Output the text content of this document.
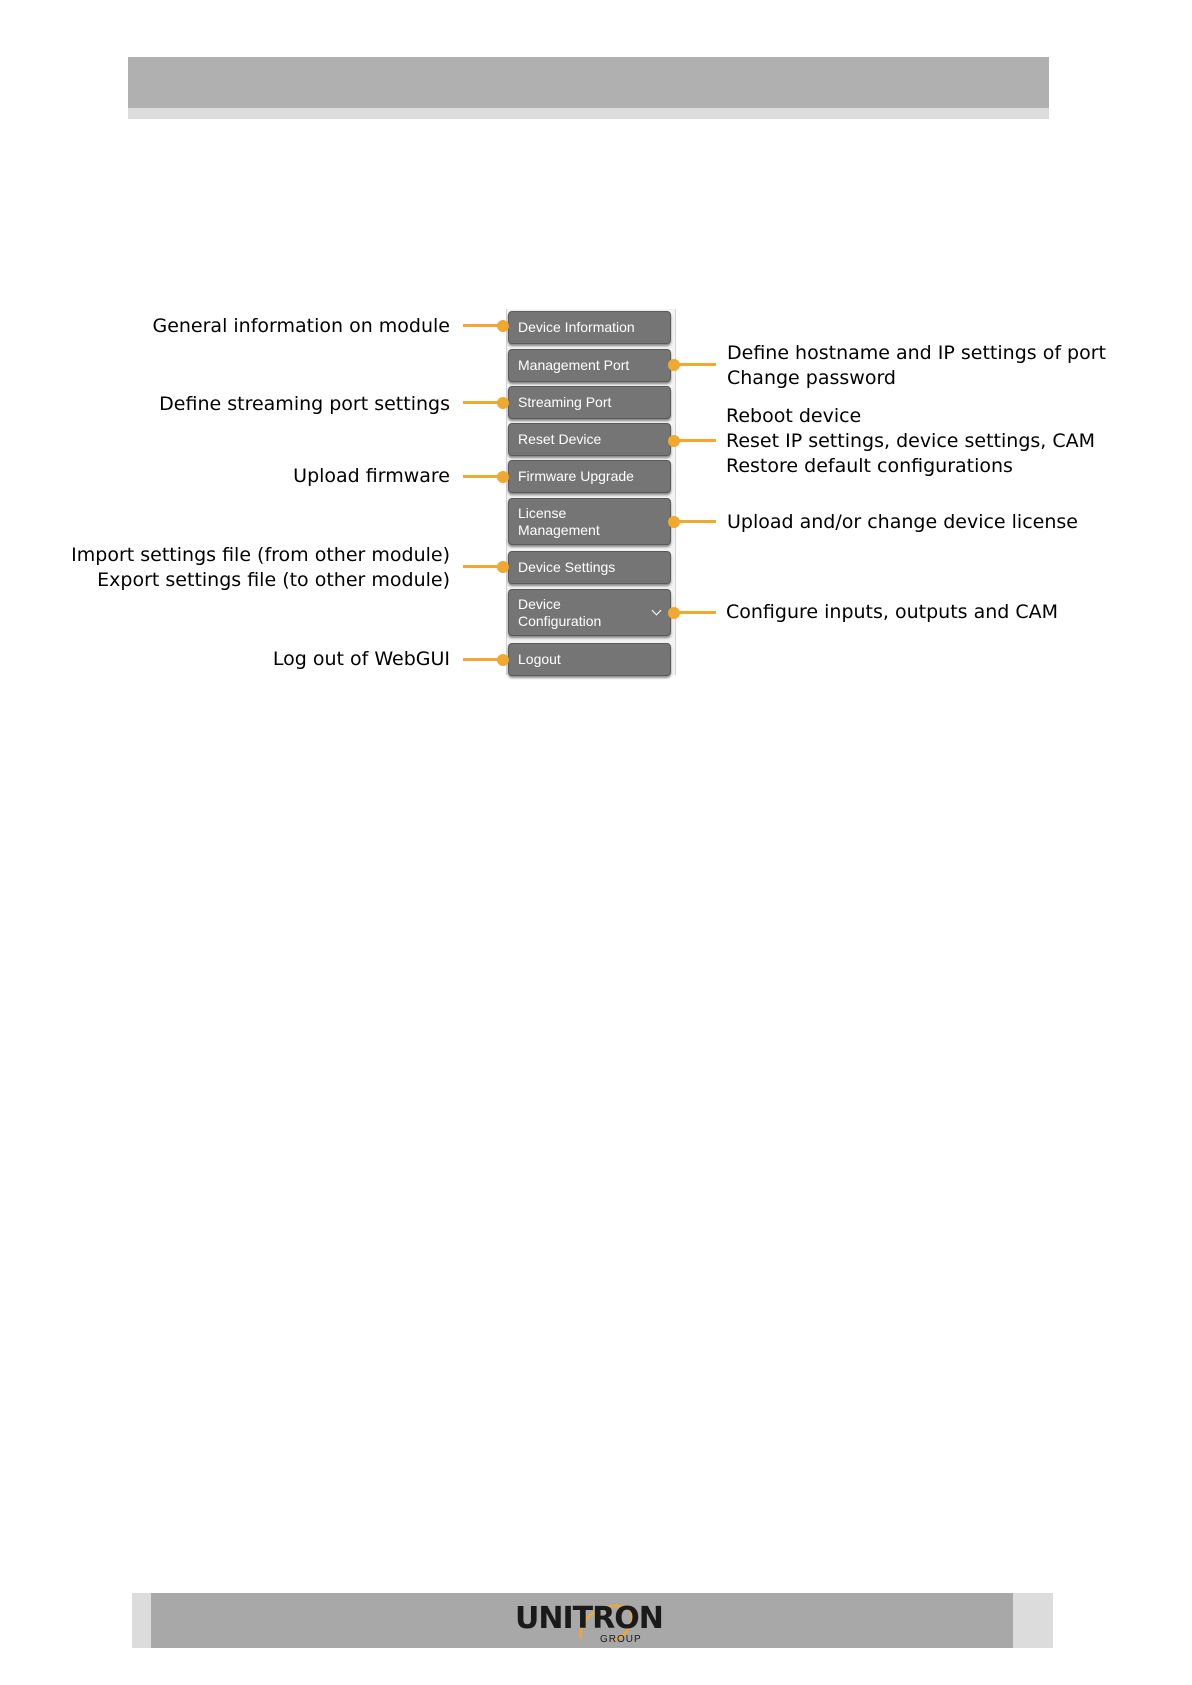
Device Information
Management Port
Streaming Port
Reset Device
Firmware Upgrade
License
Management
Device Settings
Device
Configuration
Logout
General information on module
Define streaming port settings
Upload firmware
Import settings file (from other module)
Export settings file (to other module)
Log out of WebGUI
Define hostname and IP settings of port
Change password
Reboot device
Reset IP settings, device settings, CAM
Restore default configurations
Upload and/or change device license
Configure inputs, outputs and CAM
UNITRON
GROUP
